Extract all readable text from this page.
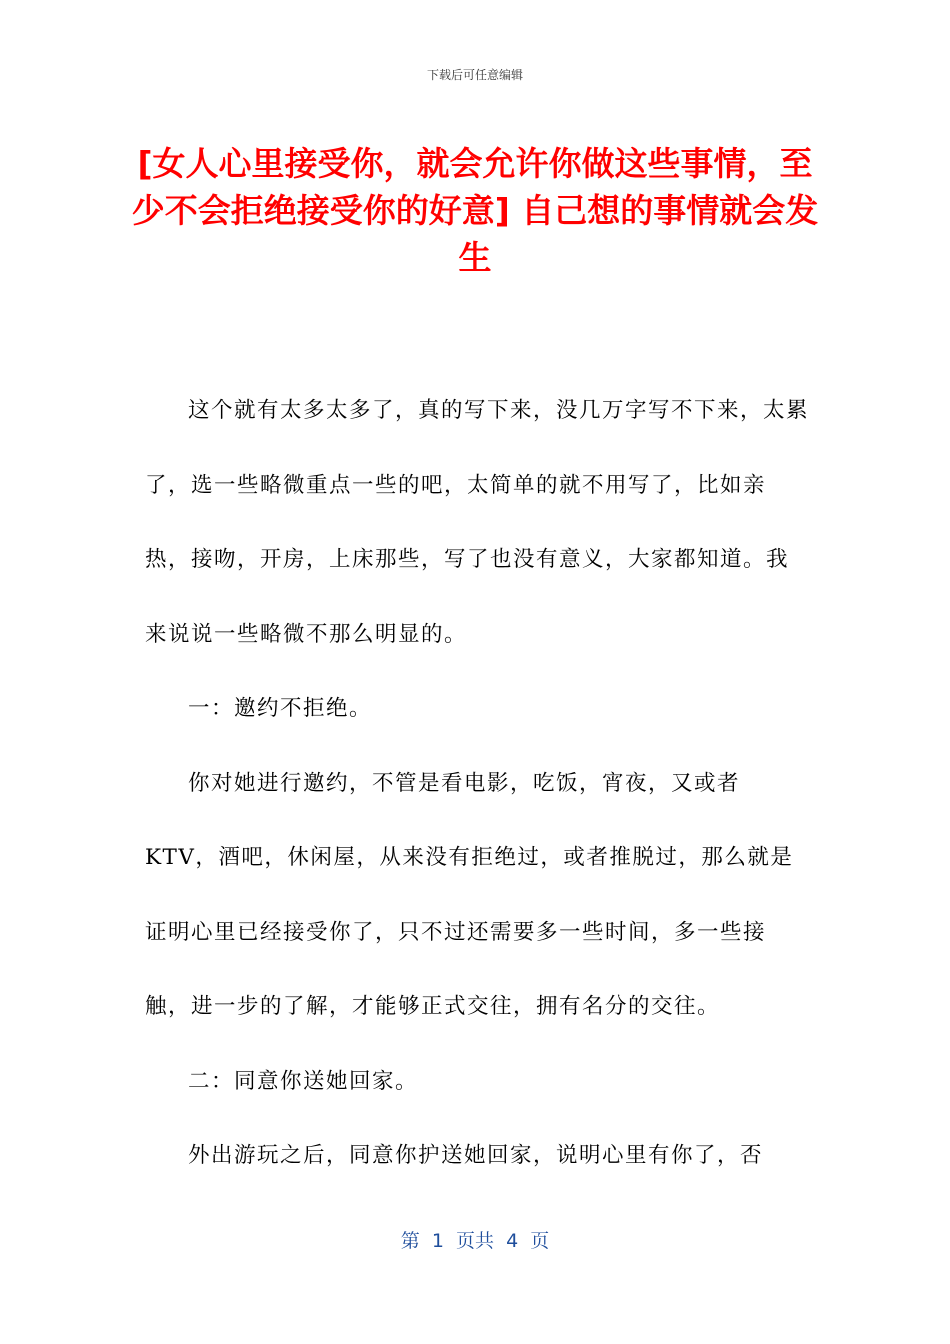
下载后可任意编辑
[女人心里接受你，就会允许你做这些事情，至少不会拒绝接受你的好意] 自己想的事情就会发生

这个就有太多太多了，真的写下来，没几万字写不下来，太累了，选一些略微重点一些的吧，太简单的就不用写了，比如亲热，接吻，开房，上床那些，写了也没有意义，大家都知道。我来说说一些略微不那么明显的。

一：邀约不拒绝。

你对她进行邀约，不管是看电影，吃饭，宵夜，又或者KTV，酒吧，休闲屋，从来没有拒绝过，或者推脱过，那么就是证明心里已经接受你了，只不过还需要多一些时间，多一些接触，进一步的了解，才能够正式交往，拥有名分的交往。

二：同意你送她回家。

外出游玩之后，同意你护送她回家，说明心里有你了，否

第  1  页共  4  页
